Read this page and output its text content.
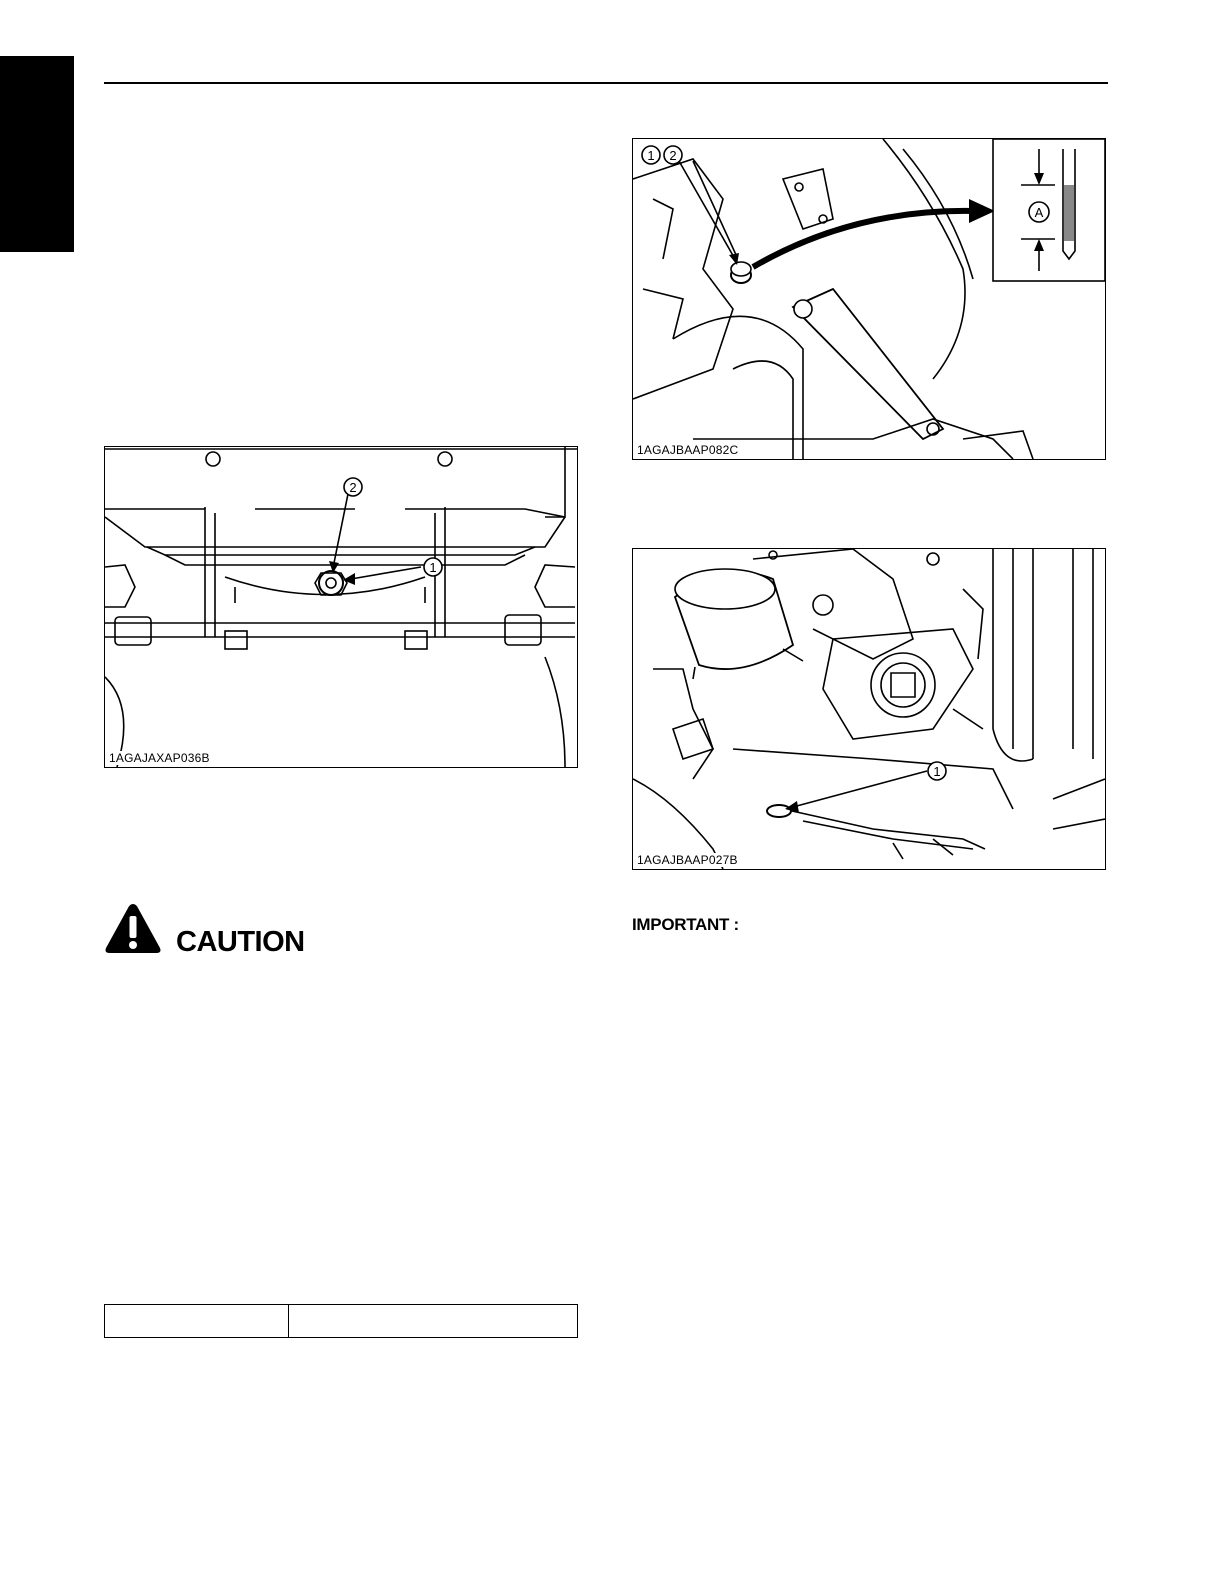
2
1
1AGAJAXAP036B
1 2
A
1AGAJBAAP082C
1
1AGAJBAAP027B
CAUTION
IMPORTANT :
